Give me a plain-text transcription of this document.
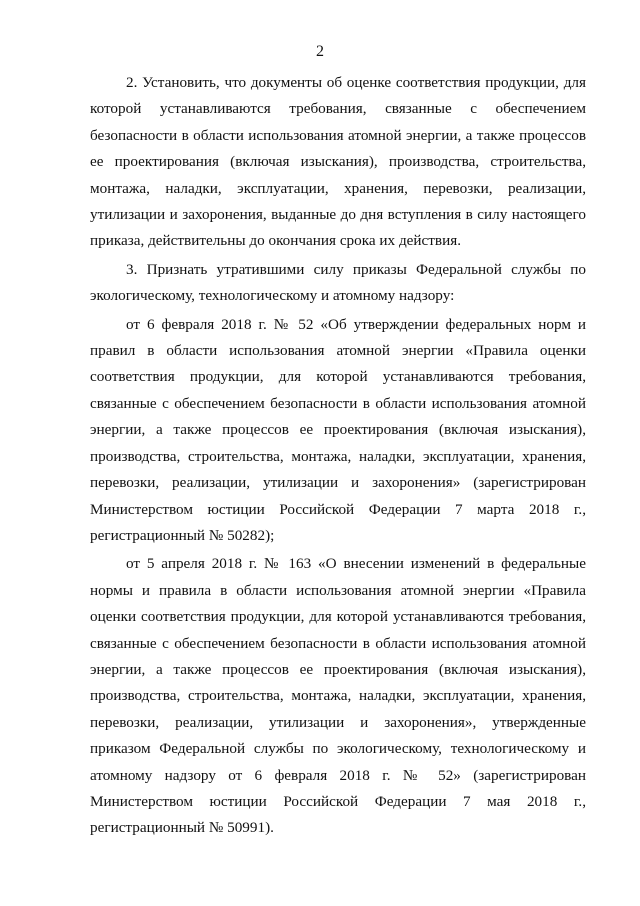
2

2. Установить, что документы об оценке соответствия продукции, для которой устанавливаются требования, связанные с обеспечением безопасности в области использования атомной энергии, а также процессов ее проектирования (включая изыскания), производства, строительства, монтажа, наладки, эксплуатации, хранения, перевозки, реализации, утилизации и захоронения, выданные до дня вступления в силу настоящего приказа, действительны до окончания срока их действия.

3. Признать утратившими силу приказы Федеральной службы по экологическому, технологическому и атомному надзору:

от 6 февраля 2018 г. № 52 «Об утверждении федеральных норм и правил в области использования атомной энергии «Правила оценки соответствия продукции, для которой устанавливаются требования, связанные с обеспечением безопасности в области использования атомной энергии, а также процессов ее проектирования (включая изыскания), производства, строительства, монтажа, наладки, эксплуатации, хранения, перевозки, реализации, утилизации и захоронения» (зарегистрирован Министерством юстиции Российской Федерации 7 марта 2018 г., регистрационный № 50282);

от 5 апреля 2018 г. № 163 «О внесении изменений в федеральные нормы и правила в области использования атомной энергии «Правила оценки соответствия продукции, для которой устанавливаются требования, связанные с обеспечением безопасности в области использования атомной энергии, а также процессов ее проектирования (включая изыскания), производства, строительства, монтажа, наладки, эксплуатации, хранения, перевозки, реализации, утилизации и захоронения», утвержденные приказом Федеральной службы по экологическому, технологическому и атомному надзору от 6 февраля 2018 г. № 52» (зарегистрирован Министерством юстиции Российской Федерации 7 мая 2018 г., регистрационный № 50991).
